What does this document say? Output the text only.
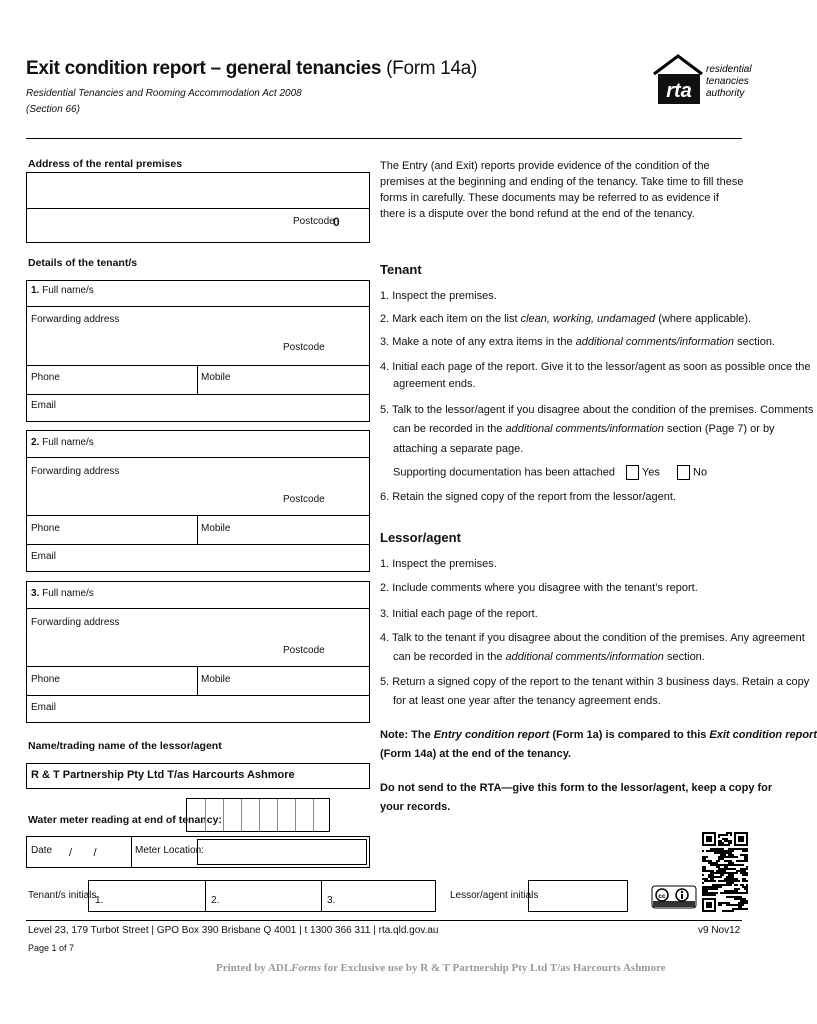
Exit condition report – general tenancies (Form 14a)
Residential Tenancies and Rooming Accommodation Act 2008
(Section 66)
rta
residential
tenancies
authority
Address of the rental premises
Postcode
0
Details of the tenant/s
1. Full name/s
Forwarding address
Postcode
Phone	Mobile
Email
2. Full name/s
Forwarding address
Postcode
Phone	Mobile
Email
3. Full name/s
Forwarding address
Postcode
Phone	Mobile
Email
Name/trading name of the lessor/agent
R & T Partnership Pty Ltd T/as Harcourts Ashmore
Water meter reading at end of tenancy:
Date /       /	Meter Location:
Tenant/s initials
1.	2.	3.	Lessor/agent initials	cc
The Entry (and Exit) reports provide evidence of the condition of the premises at the beginning and ending of the tenancy. Take time to fill these forms in carefully. These documents may be referred to as evidence if there is a dispute over the bond refund at the end of the tenancy.
Tenant
1. Inspect the premises.
2. Mark each item on the list clean, working, undamaged (where applicable).
3. Make a note of any extra items in the additional comments/information section.
4. Initial each page of the report. Give it to the lessor/agent as soon as possible once the
agreement ends.
5. Talk to the lessor/agent if you disagree about the condition of the premises. Comments
can be recorded in the additional comments/information section (Page 7) or by
attaching a separate page.
Supporting documentation has been attached Yes	No
6. Retain the signed copy of the report from the lessor/agent.
Lessor/agent
1. Inspect the premises.
2. Include comments where you disagree with the tenant’s report.
3. Initial each page of the report.
4. Talk to the tenant if you disagree about the condition of the premises. Any agreement
can be recorded in the additional comments/information section.
5. Return a signed copy of the report to the tenant within 3 business days. Retain a copy
for at least one year after the tenancy agreement ends.
Note: The Entry condition report (Form 1a) is compared to this Exit condition report
(Form 14a) at the end of the tenancy.
Do not send to the RTA—give this form to the lessor/agent, keep a copy for
your records.
Level 23, 179 Turbot Street | GPO Box 390 Brisbane Q 4001 | t 1300 366 311 | rta.qld.gov.au	v9 Nov12
Page 1 of 7
Printed by ADLForms for Exclusive use by R & T Partnership Pty Ltd T/as Harcourts Ashmore
